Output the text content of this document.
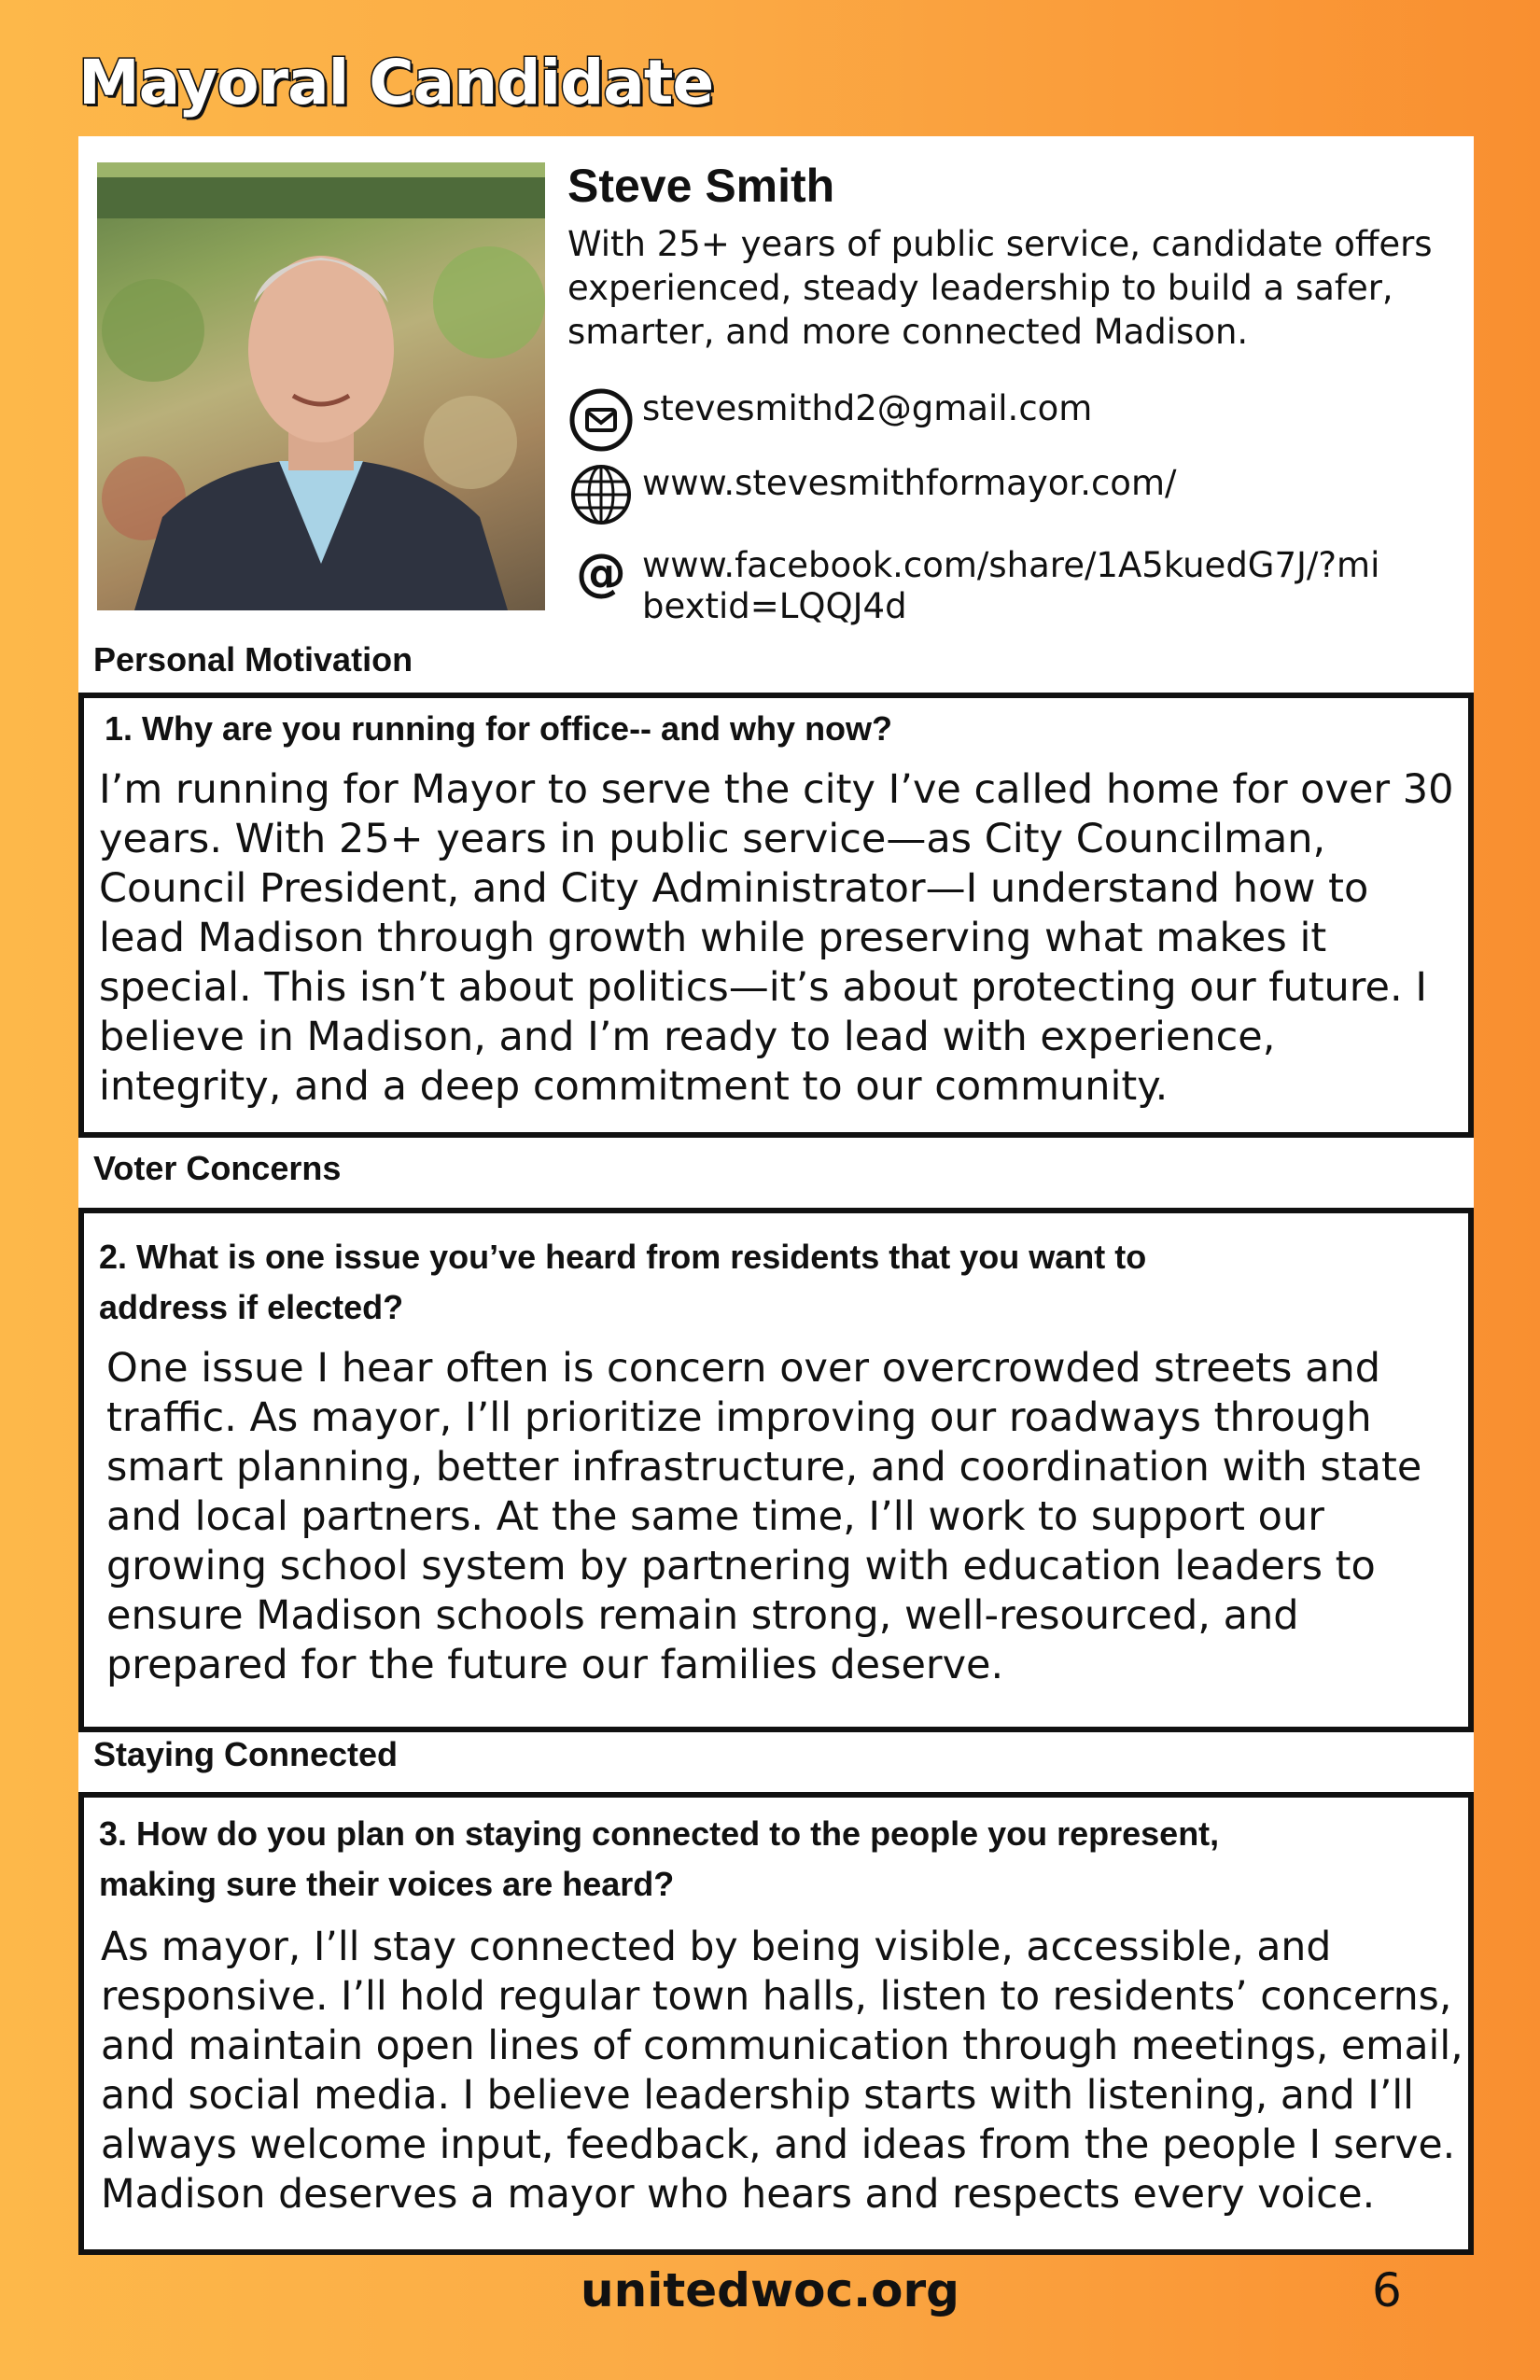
Mayoral Candidate
Steve Smith
With 25+ years of public service, candidate offers experienced, steady leadership to build a safer, smarter, and more connected Madison.
stevesmithd2@gmail.com
www.stevesmithformayor.com/
@ www.facebook.com/share/1A5kuedG7J/?mibextid=LQQJ4d
Personal Motivation
1. Why are you running for office-- and why now?
I’m running for Mayor to serve the city I’ve called home for over 30 years. With 25+ years in public service—as City Councilman, Council President, and City Administrator—I understand how to lead Madison through growth while preserving what makes it special. This isn’t about politics—it’s about protecting our future. I believe in Madison, and I’m ready to lead with experience, integrity, and a deep commitment to our community.
Voter Concerns
2. What is one issue you’ve heard from residents that you want to address if elected?
One issue I hear often is concern over overcrowded streets and traffic. As mayor, I’ll prioritize improving our roadways through smart planning, better infrastructure, and coordination with state and local partners. At the same time, I’ll work to support our growing school system by partnering with education leaders to ensure Madison schools remain strong, well-resourced, and prepared for the future our families deserve.
Staying Connected
3. How do you plan on staying connected to the people you represent, making sure their voices are heard?
As mayor, I’ll stay connected by being visible, accessible, and responsive. I’ll hold regular town halls, listen to residents’ concerns, and maintain open lines of communication through meetings, email, and social media. I believe leadership starts with listening, and I’ll always welcome input, feedback, and ideas from the people I serve. Madison deserves a mayor who hears and respects every voice.
unitedwoc.org	6
